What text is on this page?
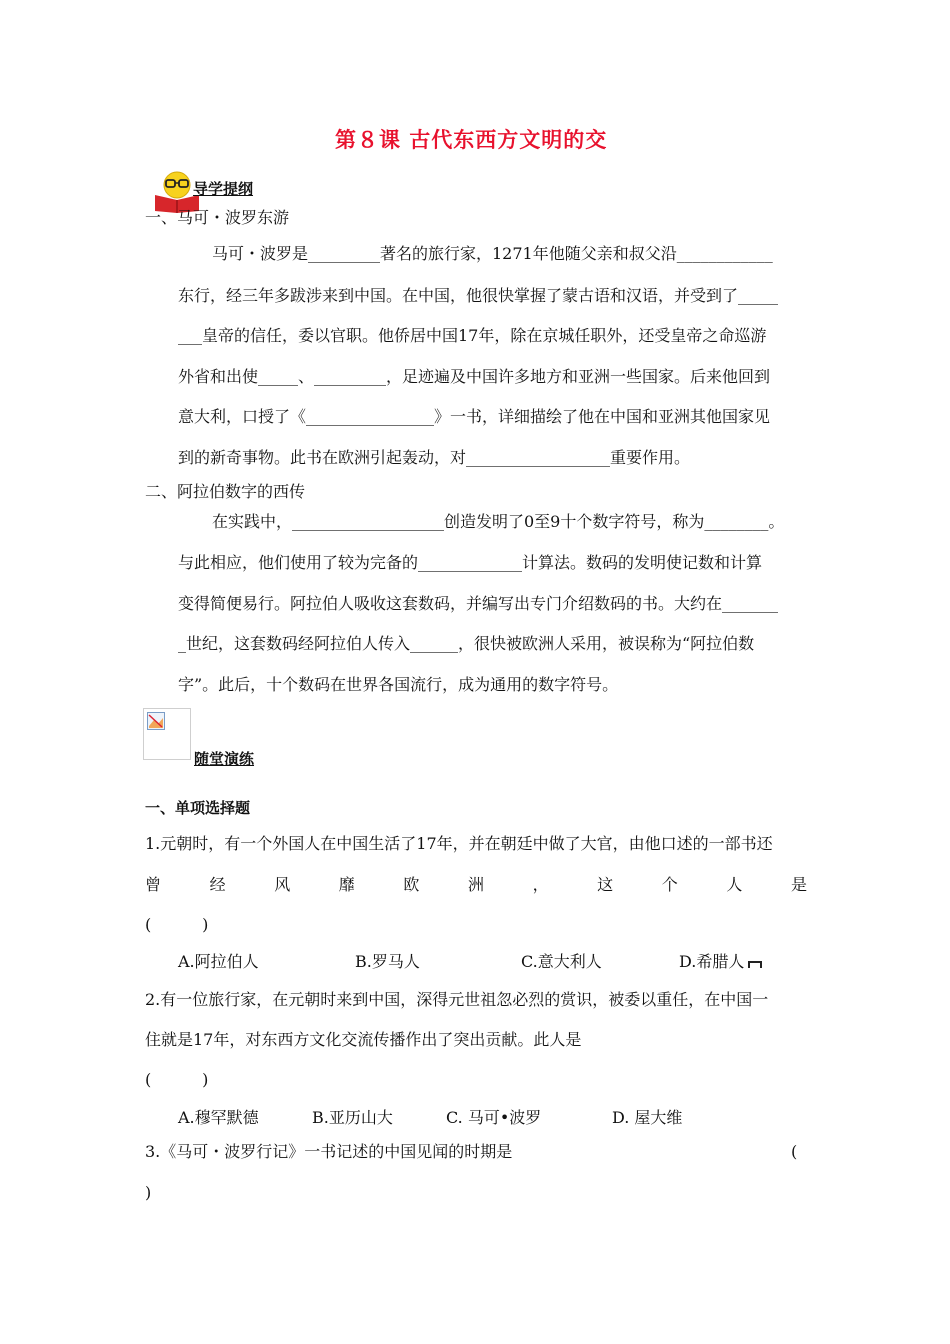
第８课 古代东西方文明的交

导学提纲
一、马可・波罗东游
马可・波罗是_________著名的旅行家，1271年他随父亲和叔父沿____________
东行，经三年多跋涉来到中国。在中国，他很快掌握了蒙古语和汉语，并受到了_____
___皇帝的信任，委以官职。他侨居中国17年，除在京城任职外，还受皇帝之命巡游
外省和出使_____、_________，足迹遍及中国许多地方和亚洲一些国家。后来他回到
意大利，口授了《________________》一书，详细描绘了他在中国和亚洲其他国家见
到的新奇事物。此书在欧洲引起轰动，对__________________重要作用。
二、阿拉伯数字的西传
在实践中，___________________创造发明了0至9十个数字符号，称为________。
与此相应，他们使用了较为完备的_____________计算法。数码的发明使记数和计算
变得简便易行。阿拉伯人吸收这套数码，并编写出专门介绍数码的书。大约在_______
_世纪，这套数码经阿拉伯人传入______，很快被欧洲人采用，被误称为“阿拉伯数
字”。此后，十个数码在世界各国流行，成为通用的数字符号。

随堂演练
一、单项选择题
1.元朝时，有一个外国人在中国生活了17年，并在朝廷中做了大官，由他口述的一部书还
曾	经	风	靡	欧	洲	，	这	个	人	是
(          )
A.阿拉伯人	B.罗马人	C.意大利人	D.希腊人
2.有一位旅行家，在元朝时来到中国，深得元世祖忽必烈的赏识，被委以重任，在中国一
住就是17年，对东西方文化交流传播作出了突出贡献。此人是
(          )
A.穆罕默德	B.亚历山大	C. 马可•波罗	D. 屋大维
3.《马可・波罗行记》一书记述的中国见闻的时期是	(
)
